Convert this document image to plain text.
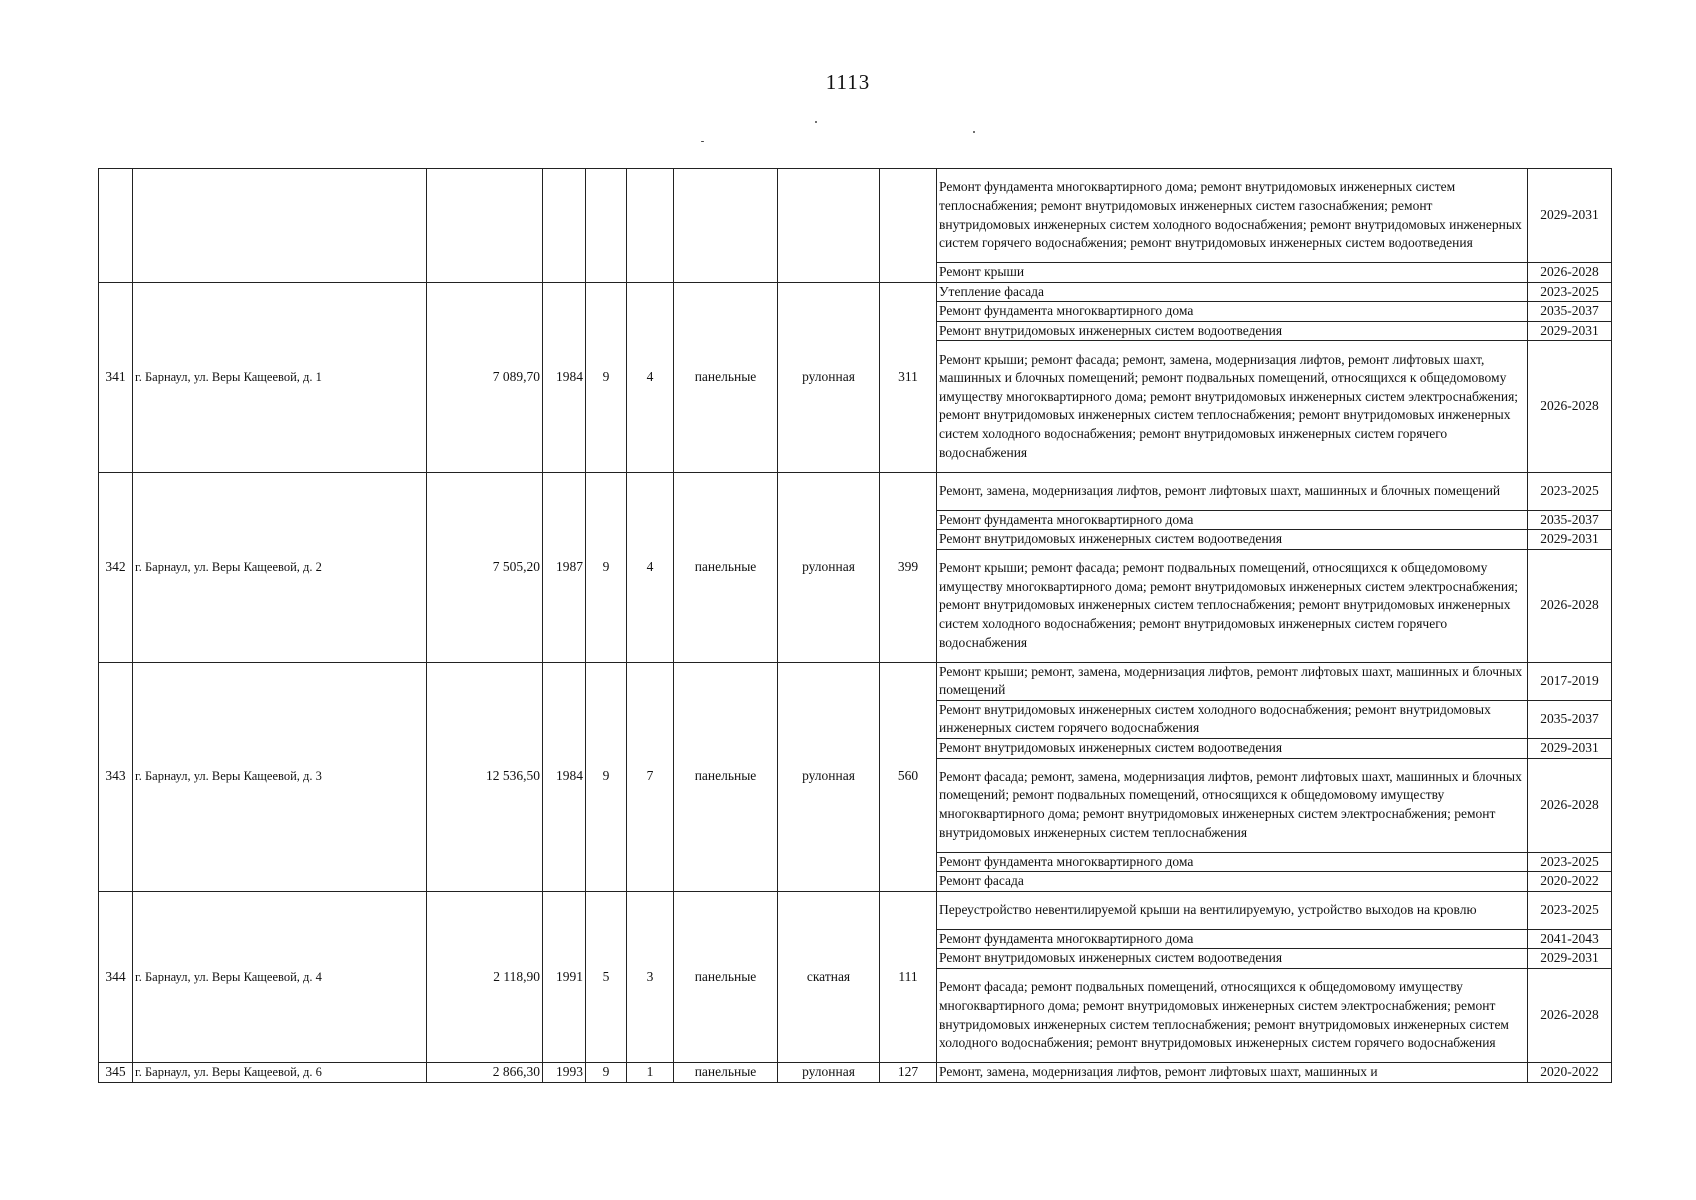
1113
									Ремонт фундамента многоквартирного дома; ремонт внутридомовых инженерных систем теплоснабжения; ремонт внутридомовых инженерных систем газоснабжения; ремонт внутридомовых инженерных систем холодного водоснабжения; ремонт внутридомовых инженерных систем горячего водоснабжения; ремонт внутридомовых инженерных систем водоотведения	2029-2031
									Ремонт крыши	2026-2028
341	г. Барнаул, ул. Веры Кащеевой, д. 1	7 089,70	1984	9	4	панельные	рулонная	311	Утепление фасада	2023-2025
									Ремонт фундамента многоквартирного дома	2035-2037
									Ремонт внутридомовых инженерных систем водоотведения	2029-2031
									Ремонт крыши; ремонт фасада; ремонт, замена, модернизация лифтов, ремонт лифтовых шахт, машинных и блочных помещений; ремонт подвальных помещений, относящихся к общедомовому имуществу многоквартирного дома; ремонт внутридомовых инженерных систем электроснабжения; ремонт внутридомовых инженерных систем теплоснабжения; ремонт внутридомовых инженерных систем холодного водоснабжения; ремонт внутридомовых инженерных систем горячего водоснабжения	2026-2028
342	г. Барнаул, ул. Веры Кащеевой, д. 2	7 505,20	1987	9	4	панельные	рулонная	399	Ремонт, замена, модернизация лифтов, ремонт лифтовых шахт, машинных и блочных помещений	2023-2025
									Ремонт фундамента многоквартирного дома	2035-2037
									Ремонт внутридомовых инженерных систем водоотведения	2029-2031
									Ремонт крыши; ремонт фасада; ремонт подвальных помещений, относящихся к общедомовому имуществу многоквартирного дома; ремонт внутридомовых инженерных систем электроснабжения; ремонт внутридомовых инженерных систем теплоснабжения; ремонт внутридомовых инженерных систем холодного водоснабжения; ремонт внутридомовых инженерных систем горячего водоснабжения	2026-2028
343	г. Барнаул, ул. Веры Кащеевой, д. 3	12 536,50	1984	9	7	панельные	рулонная	560	Ремонт крыши; ремонт, замена, модернизация лифтов, ремонт лифтовых шахт, машинных и блочных помещений	2017-2019
									Ремонт внутридомовых инженерных систем холодного водоснабжения; ремонт внутридомовых инженерных систем горячего водоснабжения	2035-2037
									Ремонт внутридомовых инженерных систем водоотведения	2029-2031
									Ремонт фасада; ремонт, замена, модернизация лифтов, ремонт лифтовых шахт, машинных и блочных помещений; ремонт подвальных помещений, относящихся к общедомовому имуществу многоквартирного дома; ремонт внутридомовых инженерных систем электроснабжения; ремонт внутридомовых инженерных систем теплоснабжения	2026-2028
									Ремонт фундамента многоквартирного дома	2023-2025
									Ремонт фасада	2020-2022
344	г. Барнаул, ул. Веры Кащеевой, д. 4	2 118,90	1991	5	3	панельные	скатная	111	Переустройство невентилируемой крыши на вентилируемую, устройство выходов на кровлю	2023-2025
									Ремонт фундамента многоквартирного дома	2041-2043
									Ремонт внутридомовых инженерных систем водоотведения	2029-2031
									Ремонт фасада; ремонт подвальных помещений, относящихся к общедомовому имуществу многоквартирного дома; ремонт внутридомовых инженерных систем электроснабжения; ремонт внутридомовых инженерных систем теплоснабжения; ремонт внутридомовых инженерных систем холодного водоснабжения; ремонт внутридомовых инженерных систем горячего водоснабжения	2026-2028
345	г. Барнаул, ул. Веры Кащеевой, д. 6	2 866,30	1993	9	1	панельные	рулонная	127	Ремонт, замена, модернизация лифтов, ремонт лифтовых шахт, машинных и	2020-2022
